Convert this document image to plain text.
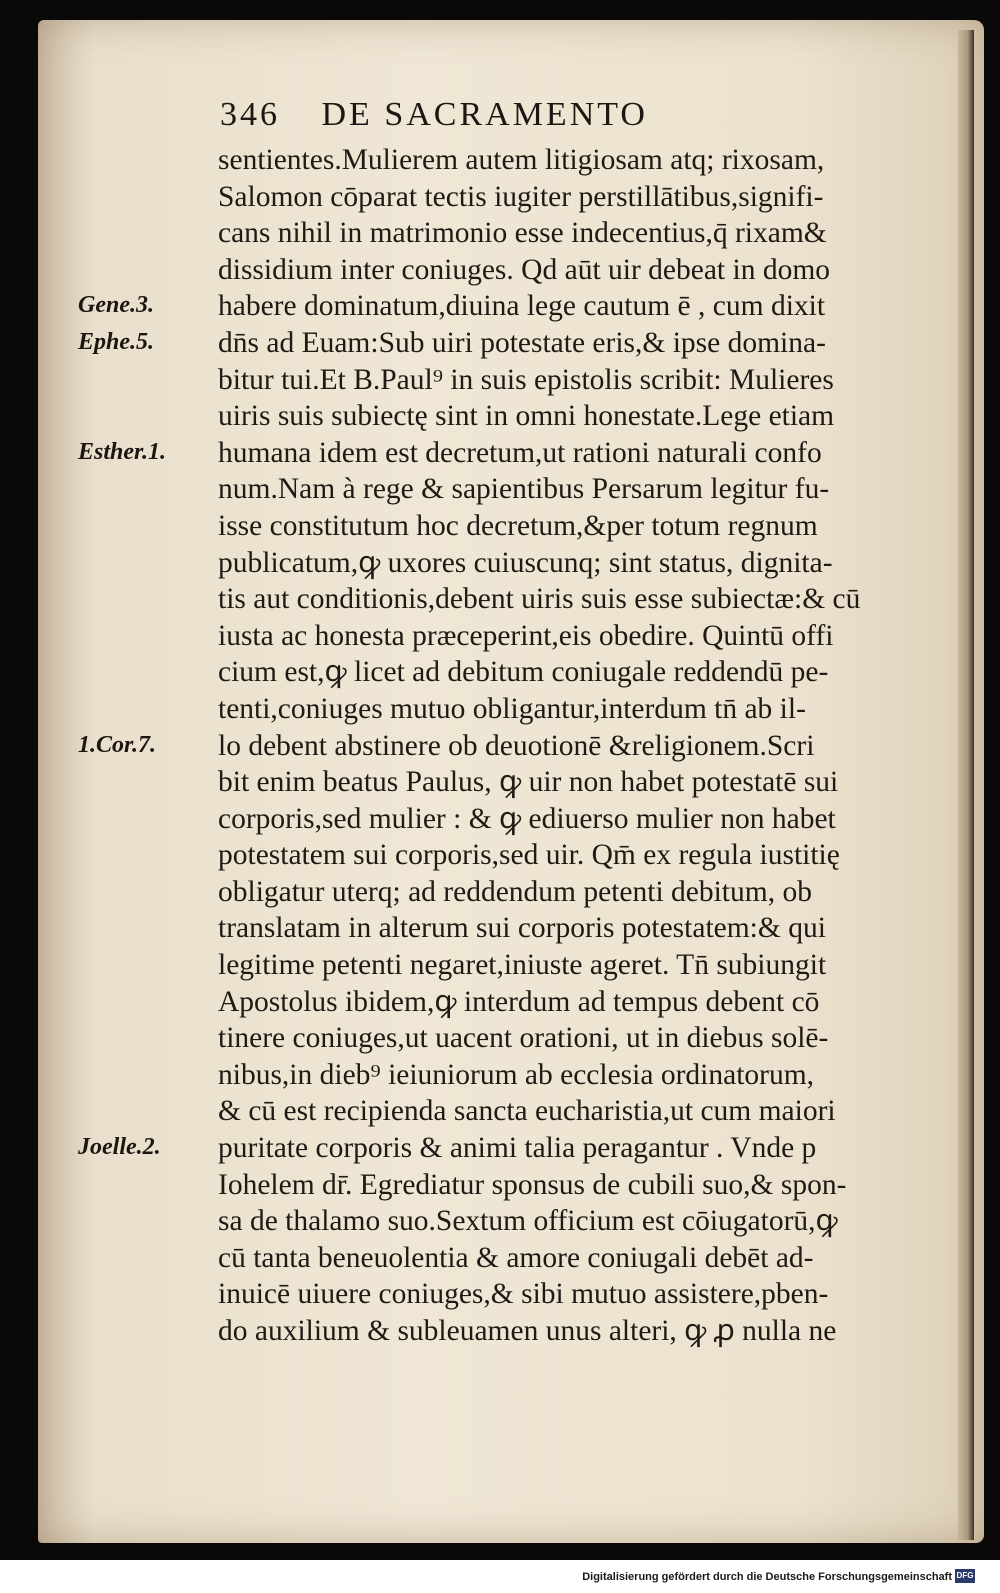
346 DE SACRAMENTO
sentientes.Mulierem autem litigiosam atq; rixosam,
Salomon cōparat tectis iugiter perstillātibus,signifi-
cans nihil in matrimonio esse indecentius,q̄ rixam&
dissidium inter coniuges. Qd aūt uir debeat in domo
habere dominatum,diuina lege cautum ē , cum dixit
dn̄s ad Euam:Sub uiri potestate eris,& ipse domina-
bitur tui.Et B.Paul⁹ in suis epistolis scribit: Mulieres
uiris suis subiectę sint in omni honestate.Lege etiam
humana idem est decretum,ut rationi naturali confo
num.Nam à rege & sapientibus Persarum legitur fu-
isse constitutum hoc decretum,&per totum regnum
publicatum,ꝙ uxores cuiuscunq; sint status, dignita-
tis aut conditionis,debent uiris suis esse subiectæ:& cū
iusta ac honesta præceperint,eis obedire. Quintū offi
cium est,ꝙ licet ad debitum coniugale reddendū pe-
tenti,coniuges mutuo obligantur,interdum tn̄ ab il-
lo debent abstinere ob deuotionē &religionem.Scri
bit enim beatus Paulus, ꝙ uir non habet potestatē sui
corporis,sed mulier : & ꝙ ediuerso mulier non habet
potestatem sui corporis,sed uir. Qm̄ ex regula iustitię
obligatur uterq; ad reddendum petenti debitum, ob
translatam in alterum sui corporis potestatem:& qui
legitime petenti negaret,iniuste ageret. Tn̄ subiungit
Apostolus ibidem,ꝙ interdum ad tempus debent cō
tinere coniuges,ut uacent orationi, ut in diebus solē-
nibus,in dieb⁹ ieiuniorum ab ecclesia ordinatorum,
& cū est recipienda sancta eucharistia,ut cum maiori
puritate corporis & animi talia peragantur . Vnde p
Iohelem dr̄. Egrediatur sponsus de cubili suo,& spon-
sa de thalamo suo.Sextum officium est cōiugatorū,ꝙ
cū tanta beneuolentia & amore coniugali debēt ad-
inuicē uiuere coniuges,& sibi mutuo assistere,pben-
do auxilium & subleuamen unus alteri, ꝙ ꝓ nulla ne
Gene.3.
Ephe.5.
Esther.1.
1.Cor.7.
Joelle.2.
Digitalisierung gefördert durch die Deutsche Forschungsgemeinschaft DFG
